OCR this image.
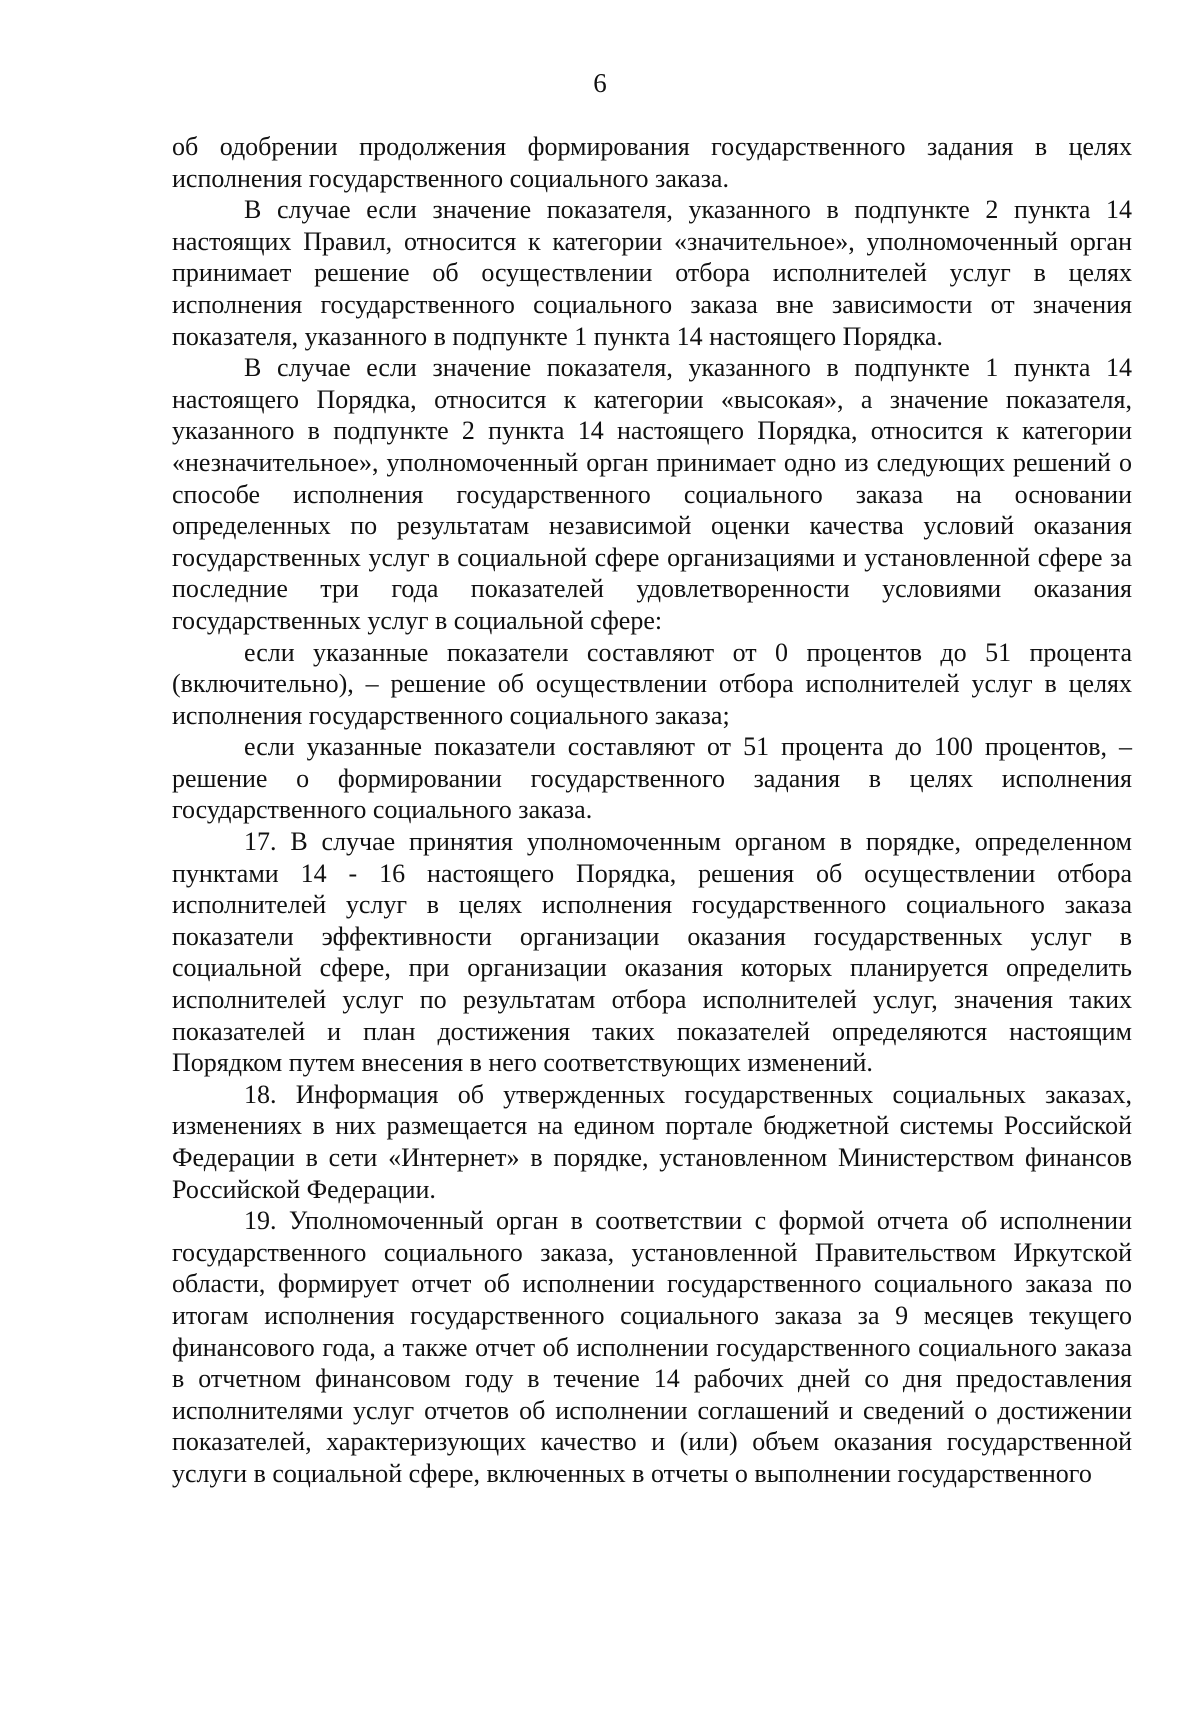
6

об одобрении продолжения формирования государственного задания в целях исполнения государственного социального заказа.

В случае если значение показателя, указанного в подпункте 2 пункта 14 настоящих Правил, относится к категории «значительное», уполномоченный орган принимает решение об осуществлении отбора исполнителей услуг в целях исполнения государственного социального заказа вне зависимости от значения показателя, указанного в подпункте 1 пункта 14 настоящего Порядка.

В случае если значение показателя, указанного в подпункте 1 пункта 14 настоящего Порядка, относится к категории «высокая», а значение показателя, указанного в подпункте 2 пункта 14 настоящего Порядка, относится к категории «незначительное», уполномоченный орган принимает одно из следующих решений о способе исполнения государственного социального заказа на основании определенных по результатам независимой оценки качества условий оказания государственных услуг в социальной сфере организациями и установленной сфере за последние три года показателей удовлетворенности условиями оказания государственных услуг в социальной сфере:

если указанные показатели составляют от 0 процентов до 51 процента (включительно), – решение об осуществлении отбора исполнителей услуг в целях исполнения государственного социального заказа;

если указанные показатели составляют от 51 процента до 100 процентов, – решение о формировании государственного задания в целях исполнения государственного социального заказа.

17. В случае принятия уполномоченным органом в порядке, определенном пунктами 14 - 16 настоящего Порядка, решения об осуществлении отбора исполнителей услуг в целях исполнения государственного социального заказа показатели эффективности организации оказания государственных услуг в социальной сфере, при организации оказания которых планируется определить исполнителей услуг по результатам отбора исполнителей услуг, значения таких показателей и план достижения таких показателей определяются настоящим Порядком путем внесения в него соответствующих изменений.

18. Информация об утвержденных государственных социальных заказах, изменениях в них размещается на едином портале бюджетной системы Российской Федерации в сети «Интернет» в порядке, установленном Министерством финансов Российской Федерации.

19. Уполномоченный орган в соответствии с формой отчета об исполнении государственного социального заказа, установленной Правительством Иркутской области, формирует отчет об исполнении государственного социального заказа по итогам исполнения государственного социального заказа за 9 месяцев текущего финансового года, а также отчет об исполнении государственного социального заказа в отчетном финансовом году в течение 14 рабочих дней со дня предоставления исполнителями услуг отчетов об исполнении соглашений и сведений о достижении показателей, характеризующих качество и (или) объем оказания государственной услуги в социальной сфере, включенных в отчеты о выполнении государственного
